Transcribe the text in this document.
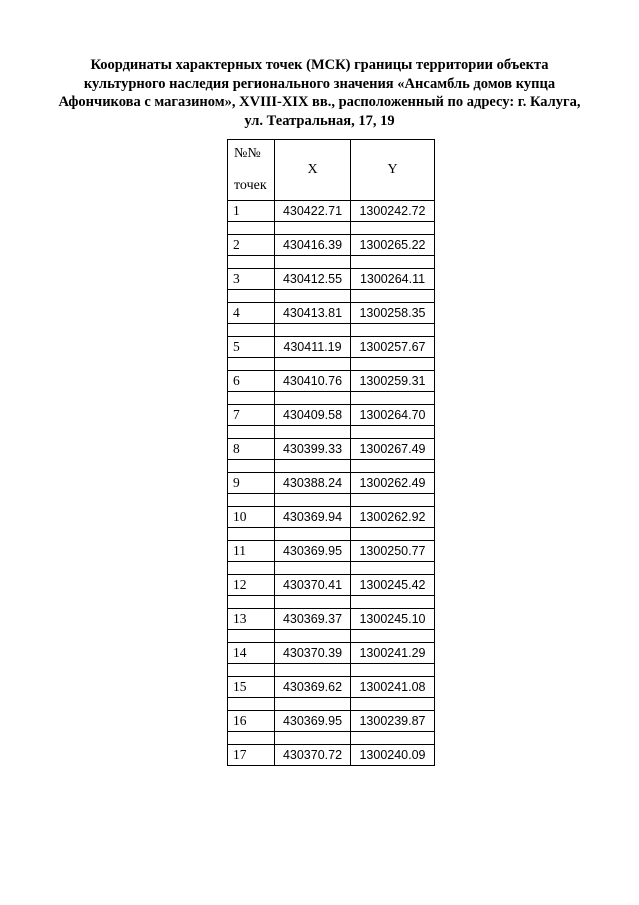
Координаты характерных точек (МСК) границы территории объекта
культурного наследия регионального значения «Ансамбль домов купца
Афончикова с магазином», XVIII-XIX вв., расположенный по адресу: г. Калуга,
ул. Театральная, 17, 19
№№
точек	X	Y
1	430422.71	1300242.72

2	430416.39	1300265.22

3	430412.55	1300264.11

4	430413.81	1300258.35

5	430411.19	1300257.67

6	430410.76	1300259.31

7	430409.58	1300264.70

8	430399.33	1300267.49

9	430388.24	1300262.49

10	430369.94	1300262.92

11	430369.95	1300250.77

12	430370.41	1300245.42

13	430369.37	1300245.10

14	430370.39	1300241.29

15	430369.62	1300241.08

16	430369.95	1300239.87

17	430370.72	1300240.09
